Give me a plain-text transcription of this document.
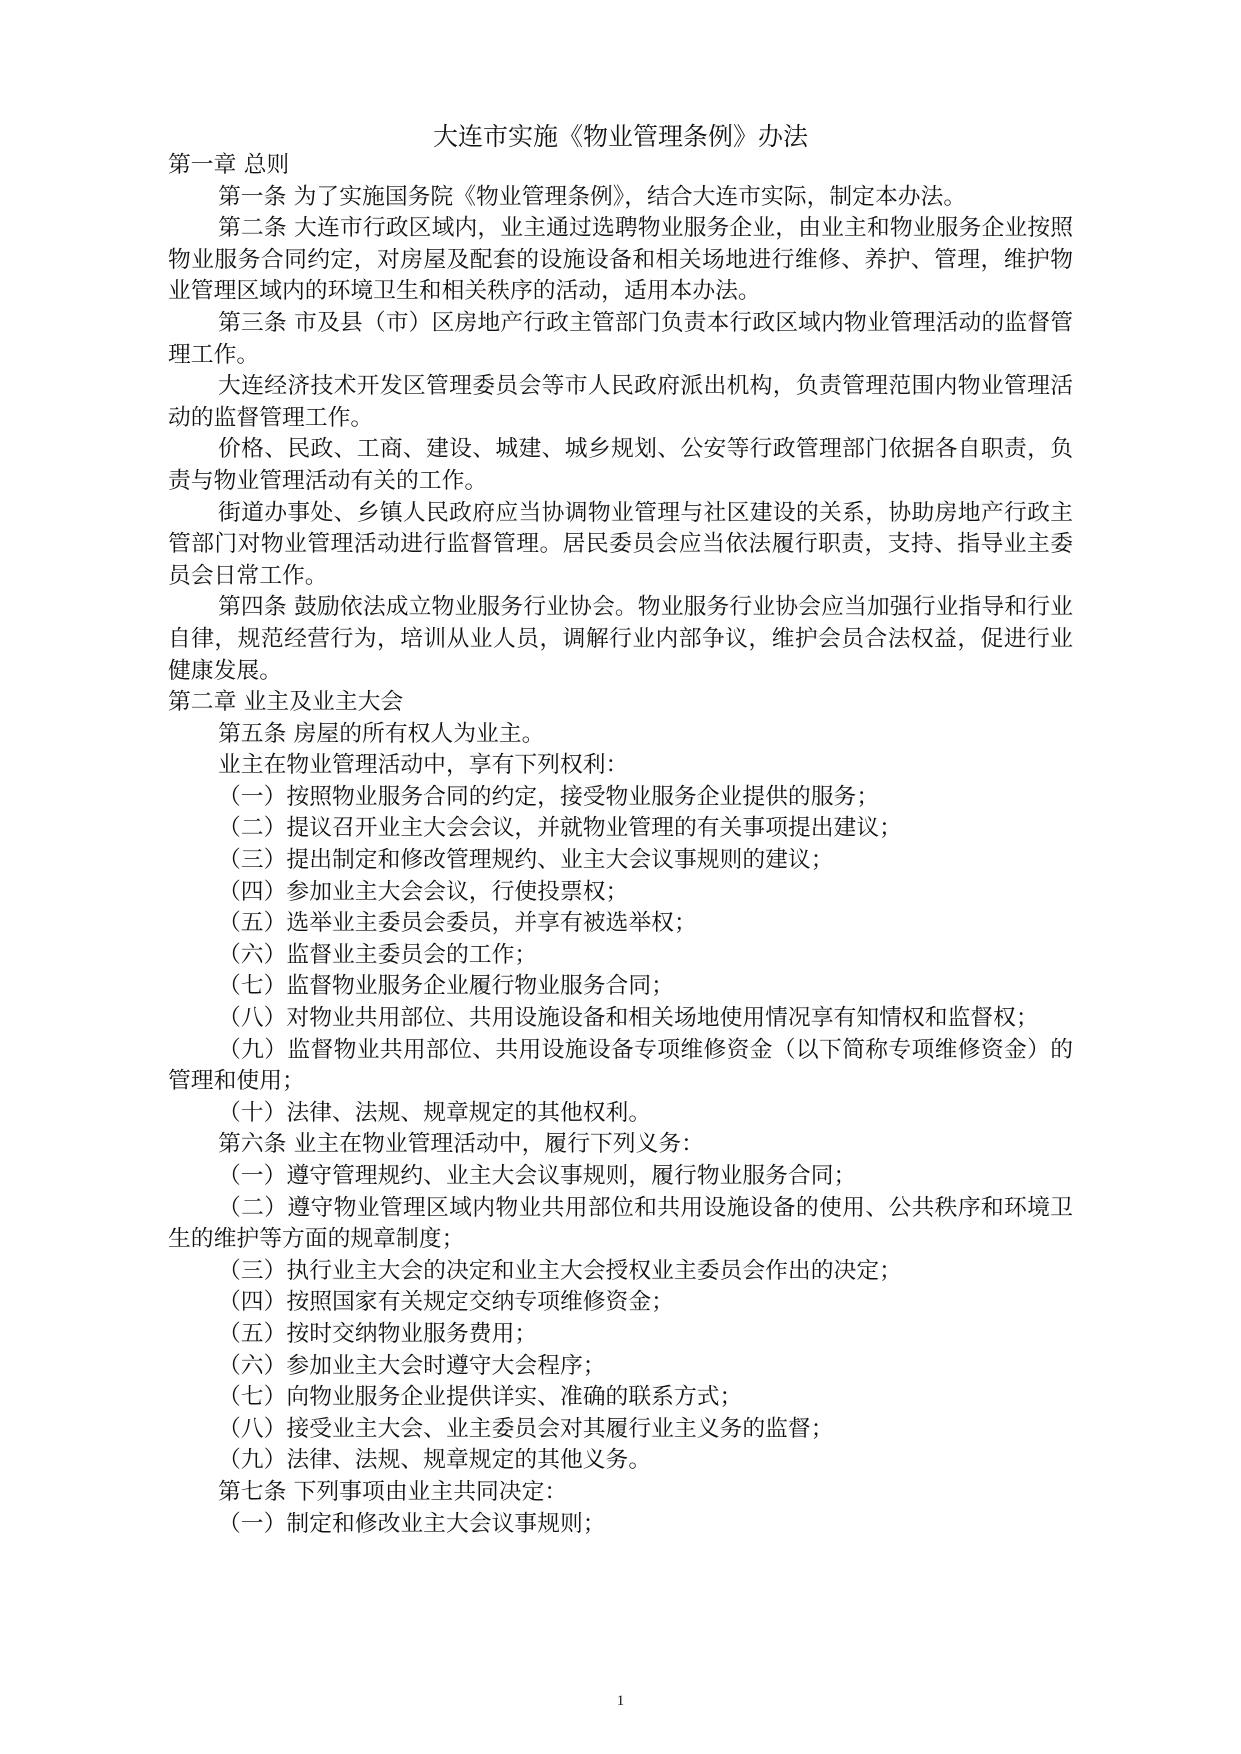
大连市实施《物业管理条例》办法

第一章 总则

第一条 为了实施国务院《物业管理条例》，结合大连市实际，制定本办法。

第二条 大连市行政区域内，业主通过选聘物业服务企业，由业主和物业服务企业按照物业服务合同约定，对房屋及配套的设施设备和相关场地进行维修、养护、管理，维护物业管理区域内的环境卫生和相关秩序的活动，适用本办法。

第三条 市及县（市）区房地产行政主管部门负责本行政区域内物业管理活动的监督管理工作。

大连经济技术开发区管理委员会等市人民政府派出机构，负责管理范围内物业管理活动的监督管理工作。

价格、民政、工商、建设、城建、城乡规划、公安等行政管理部门依据各自职责，负责与物业管理活动有关的工作。

街道办事处、乡镇人民政府应当协调物业管理与社区建设的关系，协助房地产行政主管部门对物业管理活动进行监督管理。居民委员会应当依法履行职责，支持、指导业主委员会日常工作。

第四条 鼓励依法成立物业服务行业协会。物业服务行业协会应当加强行业指导和行业自律，规范经营行为，培训从业人员，调解行业内部争议，维护会员合法权益，促进行业健康发展。

第二章 业主及业主大会

第五条 房屋的所有权人为业主。

业主在物业管理活动中，享有下列权利：

（一）按照物业服务合同的约定，接受物业服务企业提供的服务；

（二）提议召开业主大会会议，并就物业管理的有关事项提出建议；

（三）提出制定和修改管理规约、业主大会议事规则的建议；

（四）参加业主大会会议，行使投票权；

（五）选举业主委员会委员，并享有被选举权；

（六）监督业主委员会的工作；

（七）监督物业服务企业履行物业服务合同；

（八）对物业共用部位、共用设施设备和相关场地使用情况享有知情权和监督权；

（九）监督物业共用部位、共用设施设备专项维修资金（以下简称专项维修资金）的管理和使用；

（十）法律、法规、规章规定的其他权利。

第六条 业主在物业管理活动中，履行下列义务：

（一）遵守管理规约、业主大会议事规则，履行物业服务合同；

（二）遵守物业管理区域内物业共用部位和共用设施设备的使用、公共秩序和环境卫生的维护等方面的规章制度；

（三）执行业主大会的决定和业主大会授权业主委员会作出的决定；

（四）按照国家有关规定交纳专项维修资金；

（五）按时交纳物业服务费用；

（六）参加业主大会时遵守大会程序；

（七）向物业服务企业提供详实、准确的联系方式；

（八）接受业主大会、业主委员会对其履行业主义务的监督；

（九）法律、法规、规章规定的其他义务。

第七条 下列事项由业主共同决定：

（一）制定和修改业主大会议事规则；

1
